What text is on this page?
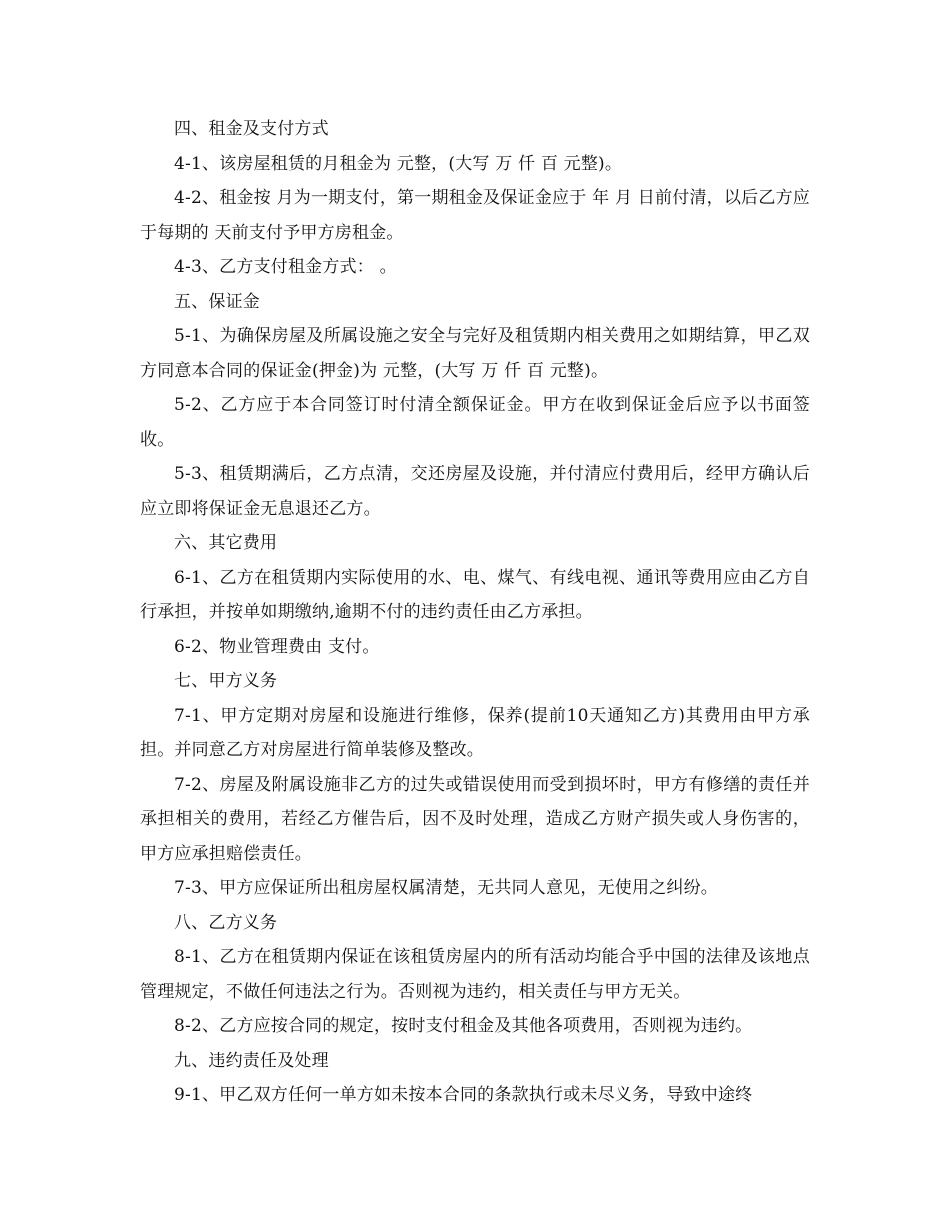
四、租金及支付方式

4-1、该房屋租赁的月租金为 元整，(大写 万 仟 百 元整)。

4-2、租金按 月为一期支付，第一期租金及保证金应于 年 月 日前付清，以后乙方应于每期的 天前支付予甲方房租金。

4-3、乙方支付租金方式： 。

五、保证金

5-1、为确保房屋及所属设施之安全与完好及租赁期内相关费用之如期结算，甲乙双方同意本合同的保证金(押金)为 元整，(大写 万 仟 百 元整)。

5-2、乙方应于本合同签订时付清全额保证金。甲方在收到保证金后应予以书面签收。

5-3、租赁期满后，乙方点清，交还房屋及设施，并付清应付费用后，经甲方确认后应立即将保证金无息退还乙方。

六、其它费用

6-1、乙方在租赁期内实际使用的水、电、煤气、有线电视、通讯等费用应由乙方自行承担，并按单如期缴纳,逾期不付的违约责任由乙方承担。

6-2、物业管理费由 支付。

七、甲方义务

7-1、甲方定期对房屋和设施进行维修，保养(提前10天通知乙方)其费用由甲方承担。并同意乙方对房屋进行简单装修及整改。

7-2、房屋及附属设施非乙方的过失或错误使用而受到损坏时，甲方有修缮的责任并承担相关的费用，若经乙方催告后，因不及时处理，造成乙方财产损失或人身伤害的，甲方应承担赔偿责任。

7-3、甲方应保证所出租房屋权属清楚，无共同人意见，无使用之纠纷。

八、乙方义务

8-1、乙方在租赁期内保证在该租赁房屋内的所有活动均能合乎中国的法律及该地点管理规定，不做任何违法之行为。否则视为违约，相关责任与甲方无关。

8-2、乙方应按合同的规定，按时支付租金及其他各项费用，否则视为违约。

九、违约责任及处理

9-1、甲乙双方任何一单方如未按本合同的条款执行或未尽义务，导致中途终
